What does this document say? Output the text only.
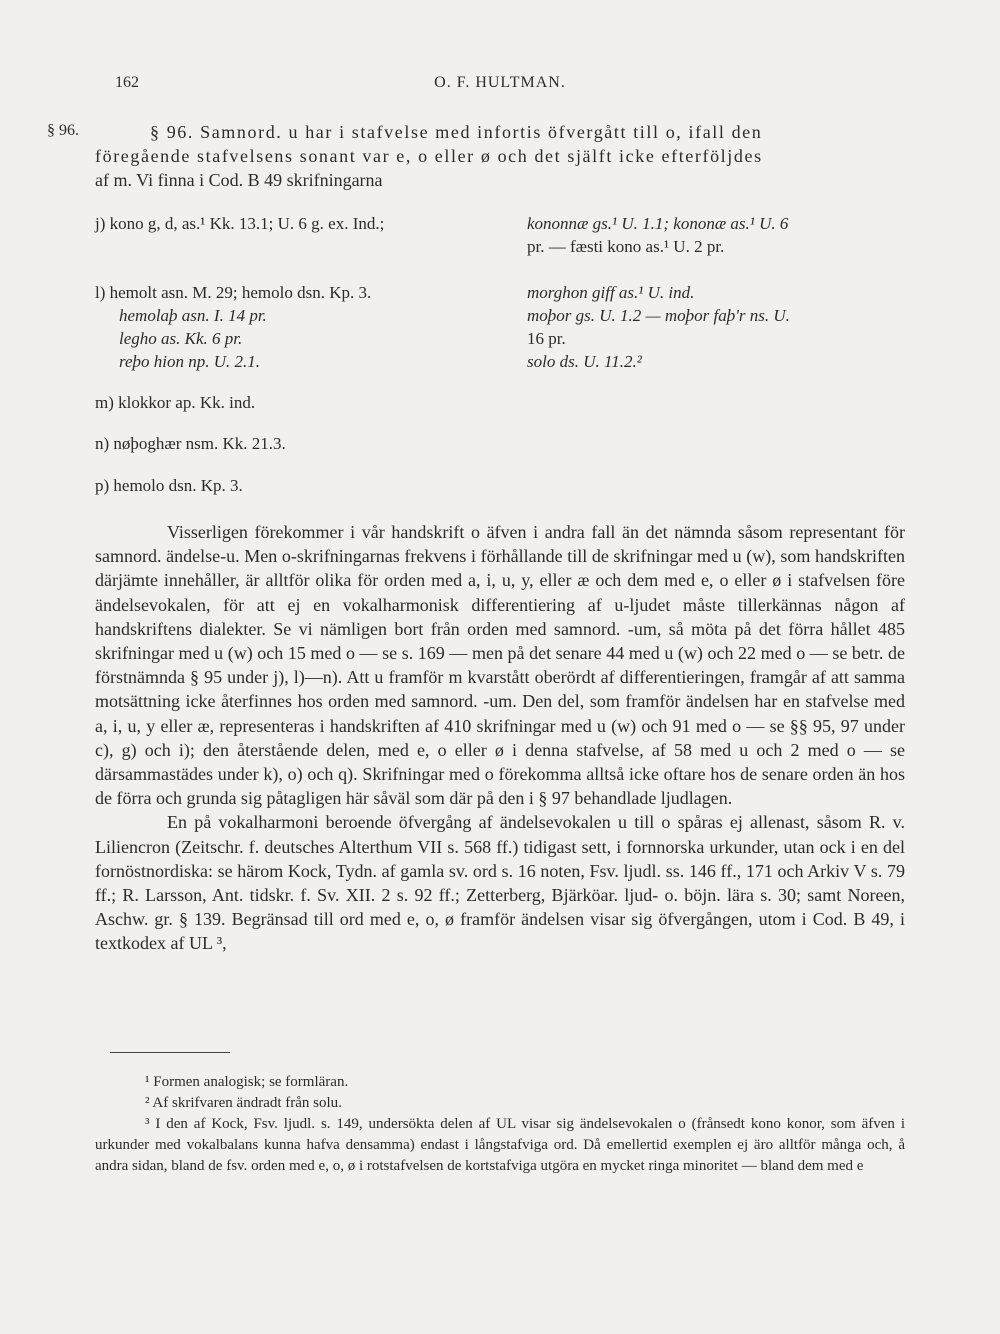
162	O. F. HULTMAN.
§ 96.	§ 96. Samnord. u har i stafvelse med infortis öfvergått till o, ifall den
föregående stafvelsens sonant var e, o eller ø och det själft icke efterföljdes
af m. Vi finna i Cod. B 49 skrifningarna
j) kono g, d, as.¹ Kk. 13.1; U. 6 g. ex. Ind.;
l) hemolt asn. M. 29; hemolo dsn. Kp. 3.
hemolaþ asn. I. 14 pr.
legho as. Kk. 6 pr.
reþo hion np. U. 2.1.
m) klokkor ap. Kk. ind.
n) nøþoghær nsm. Kk. 21.3.
p) hemolo dsn. Kp. 3.
kononnæ gs.¹ U. 1.1; kononæ as.¹ U. 6
pr. — fæsti kono as.¹ U. 2 pr.
morghon giff as.¹ U. ind.
moþor gs. U. 1.2 — moþor faþ'r ns. U.
16 pr.
solo ds. U. 11.2.²

Visserligen förekommer i vår handskrift o äfven i andra fall än det nämnda såsom representant för samnord. ändelse-u. Men o-skrifningarnas frekvens i förhållande till de skrifningar med u (w), som handskriften därjämte innehåller, är alltför olika för orden med a, i, u, y, eller æ och dem med e, o eller ø i stafvelsen före ändelsevokalen, för att ej en vokalharmonisk differentiering af u-ljudet måste tillerkännas någon af handskriftens dialekter. Se vi nämligen bort från orden med samnord. -um, så möta på det förra hållet 485 skrifningar med u (w) och 15 med o — se s. 169 — men på det senare 44 med u (w) och 22 med o — se betr. de förstnämnda § 95 under j), l)—n). Att u framför m kvarstått oberördt af differentieringen, framgår af att samma motsättning icke återfinnes hos orden med samnord. -um. Den del, som framför ändelsen har en stafvelse med a, i, u, y eller æ, representeras i handskriften af 410 skrifningar med u (w) och 91 med o — se §§ 95, 97 under c), g) och i); den återstående delen, med e, o eller ø i denna stafvelse, af 58 med u och 2 med o — se därsammastädes under k), o) och q). Skrifningar med o förekomma alltså icke oftare hos de senare orden än hos de förra och grunda sig påtagligen här såväl som där på den i § 97 behandlade ljudlagen.

En på vokalharmoni beroende öfvergång af ändelsevokalen u till o spåras ej allenast, såsom R. v. Liliencron (Zeitschr. f. deutsches Alterthum VII s. 568 ff.) tidigast sett, i fornnorska urkunder, utan ock i en del fornöstnordiska: se härom Kock, Tydn. af gamla sv. ord s. 16 noten, Fsv. ljudl. ss. 146 ff., 171 och Arkiv V s. 79 ff.; R. Larsson, Ant. tidskr. f. Sv. XII. 2 s. 92 ff.; Zetterberg, Bjärköar. ljud- o. böjn. lära s. 30; samt Noreen, Aschw. gr. § 139. Begränsad till ord med e, o, ø framför ändelsen visar sig öfvergången, utom i Cod. B 49, i textkodex af UL ³,

¹ Formen analogisk; se formläran.

² Af skrifvaren ändradt från solu.

³ I den af Kock, Fsv. ljudl. s. 149, undersökta delen af UL visar sig ändelsevokalen o (frånsedt kono konor, som äfven i urkunder med vokalbalans kunna hafva densamma) endast i långstafviga ord. Då emellertid exemplen ej äro alltför många och, å andra sidan, bland de fsv. orden med e, o, ø i rotstafvelsen de kortstafviga utgöra en mycket ringa minoritet — bland dem med e
